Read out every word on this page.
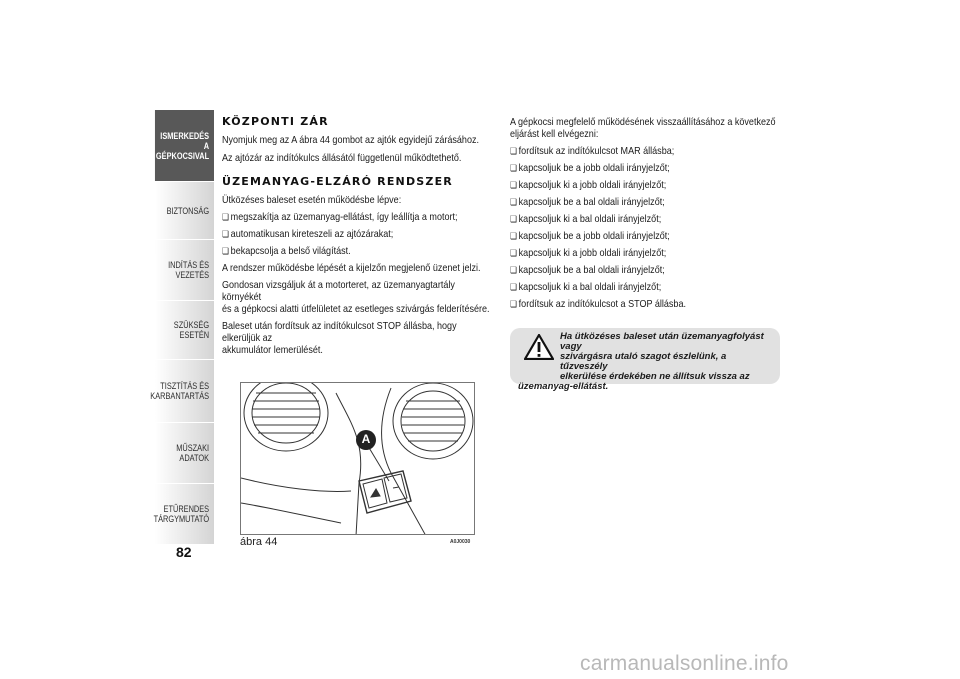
ISMERKEDÉS A
GÉPKOCSIVAL
BIZTONSÁG
INDÍTÁS ÉS VEZETÉS
SZÜKSÉG ESETÉN
TISZTÍTÁS ÉS
KARBANTARTÁS
MŰSZAKI ADATOK
ETŰRENDES
TÁRGYMUTATÓ
82
KÖZPONTI ZÁR

Nyomjuk meg az A ábra 44 gombot az ajtók egyidejű zárásához.

Az ajtózár az indítókulcs állásától függetlenül működtethető.

ÜZEMANYAG-ELZÁRÓ RENDSZER

Ütközéses baleset esetén működésbe lépve:

❏ megszakítja az üzemanyag-ellátást, így leállítja a motort;

❏ automatikusan kireteszeli az ajtózárakat;

❏ bekapcsolja a belső világítást.

A rendszer működésbe lépését a kijelzőn megjelenő üzenet jelzi.

Gondosan vizsgáljuk át a motorteret, az üzemanyagtartály környékét

és a gépkocsi alatti útfelületet az esetleges szivárgás felderítésére.

Baleset után fordítsuk az indítókulcsot STOP állásba, hogy elkerüljük az

akkumulátor lemerülését.

A
ábra 44	A0J0030

A gépkocsi megfelelő működésének visszaállításához a következő

eljárást kell elvégezni:

❏ fordítsuk az indítókulcsot MAR állásba;

❏ kapcsoljuk be a jobb oldali irányjelzőt;

❏ kapcsoljuk ki a jobb oldali irányjelzőt;

❏ kapcsoljuk be a bal oldali irányjelzőt;

❏ kapcsoljuk ki a bal oldali irányjelzőt;

❏ kapcsoljuk be a jobb oldali irányjelzőt;

❏ kapcsoljuk ki a jobb oldali irányjelzőt;

❏ kapcsoljuk be a bal oldali irányjelzőt;

❏ kapcsoljuk ki a bal oldali irányjelzőt;

❏ fordítsuk az indítókulcsot a STOP állásba.

Ha ütközéses baleset után üzemanyagfolyást vagy

szivárgásra utaló szagot észlelünk, a tűzveszély

elkerülése érdekében ne állítsuk vissza az

üzemanyag-ellátást.

carmanualsonline.info
